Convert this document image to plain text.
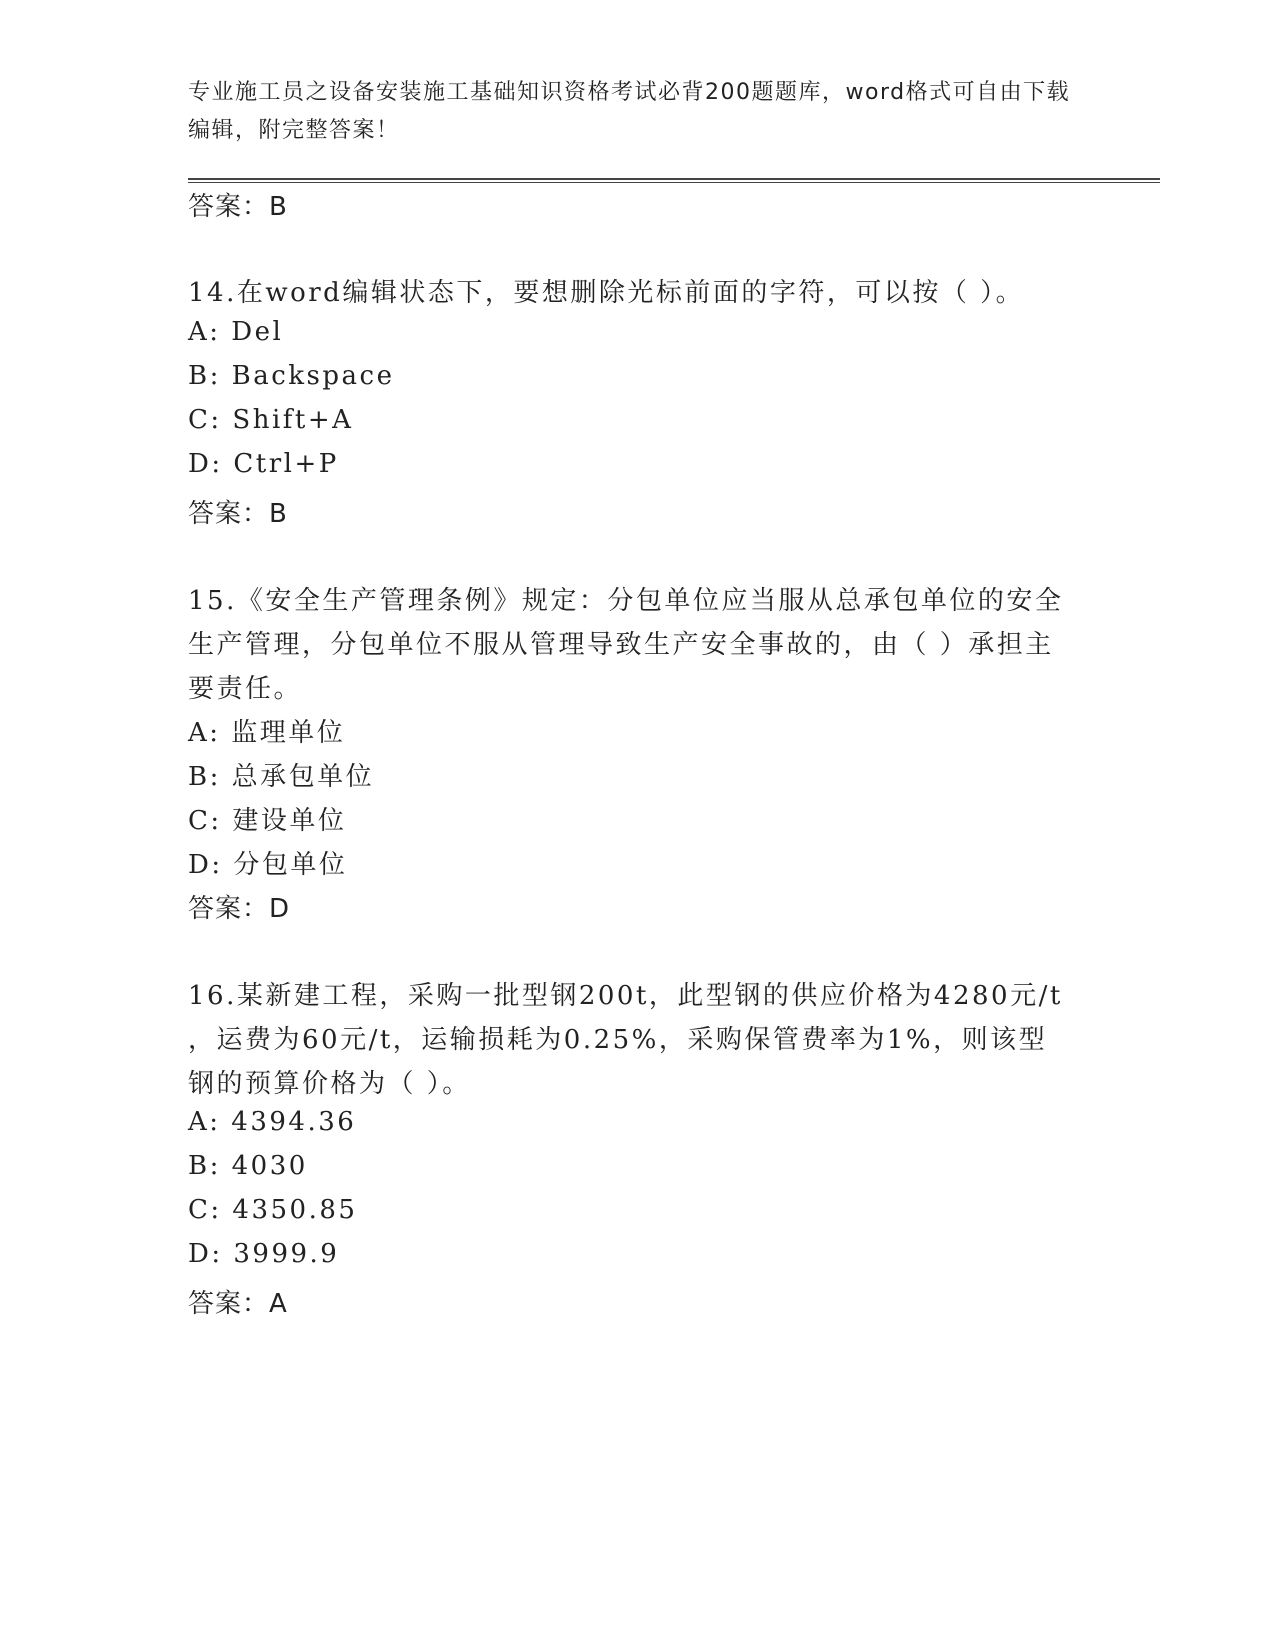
专业施工员之设备安装施工基础知识资格考试必背200题题库，word格式可自由下载编辑，附完整答案！
答案：B
14.在word编辑状态下，要想删除光标前面的字符，可以按（ ）。
A: Del
B: Backspace
C: Shift+A
D: Ctrl+P
答案：B
15.《安全生产管理条例》规定：分包单位应当服从总承包单位的安全
生产管理，分包单位不服从管理导致生产安全事故的，由（ ）承担主
要责任。
A: 监理单位
B: 总承包单位
C: 建设单位
D: 分包单位
答案：D
16.某新建工程，采购一批型钢200t，此型钢的供应价格为4280元/t
，运费为60元/t，运输损耗为0.25%，采购保管费率为1%，则该型
钢的预算价格为（ ）。
A: 4394.36
B: 4030
C: 4350.85
D: 3999.9
答案：A
